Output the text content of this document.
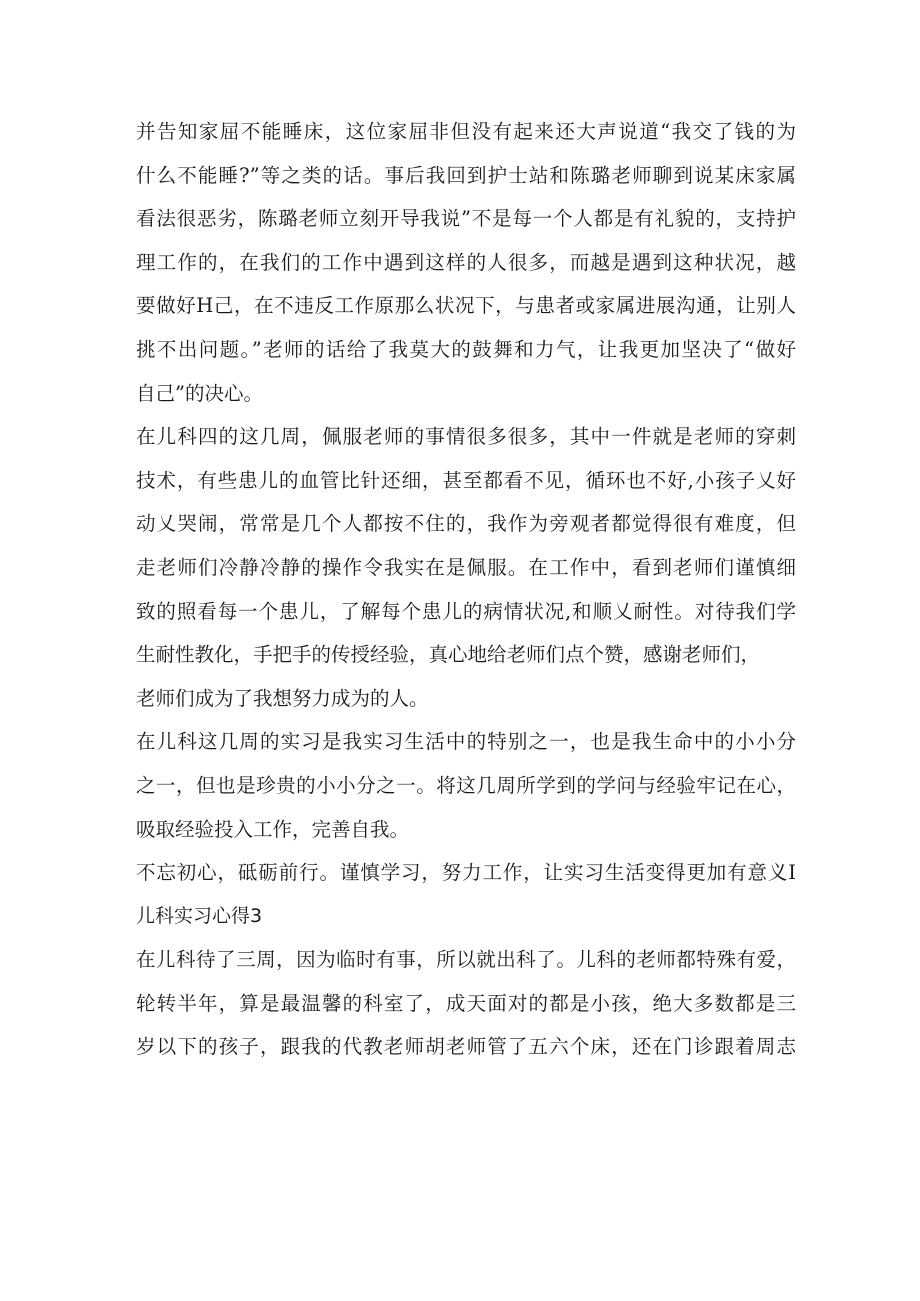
并告知家屈不能睡床，这位家屈非但没有起来还大声说道“我交了钱的为
什么不能睡?”等之类的话。事后我回到护士站和陈璐老师聊到说某床家属
看法很恶劣，陈璐老师立刻开导我说”不是每一个人都是有礼貌的，支持护
理工作的，在我们的工作中遇到这样的人很多，而越是遇到这种状况，越
要做好H己，在不违反工作原那么状况下，与患者或家属进展沟通，让别人
挑不出问题。”老师的话给了我莫大的鼓舞和力气，让我更加坚决了“做好
自己”的决心。
在儿科四的这几周，佩服老师的事情很多很多，其中一件就是老师的穿刺
技术，有些患儿的血管比针还细，甚至都看不见，循环也不好,小孩子乂好
动乂哭闹，常常是几个人都按不住的，我作为旁观者都觉得很有难度，但
走老师们冷静冷静的操作令我实在是佩服。在工作中，看到老师们谨慎细
致的照看每一个患儿，了解每个患儿的病情状况,和顺乂耐性。对待我们学
生耐性教化，手把手的传授经验，真心地给老师们点个赞，感谢老师们，
老师们成为了我想努力成为的人。
在儿科这几周的实习是我实习生活中的特别之一，也是我生命中的小小分
之一，但也是珍贵的小小分之一。将这几周所学到的学问与经验牢记在心，
吸取经验投入工作，完善自我。
不忘初心，砥砺前行。谨慎学习，努力工作，让实习生活变得更加有意义I
儿科实习心得3
在儿科待了三周，因为临时有事，所以就出科了。儿科的老师都特殊有爱，
轮转半年，算是最温馨的科室了，成天面对的都是小孩，绝大多数都是三
岁以下的孩子，跟我的代教老师胡老师管了五六个床，还在门诊跟着周志
